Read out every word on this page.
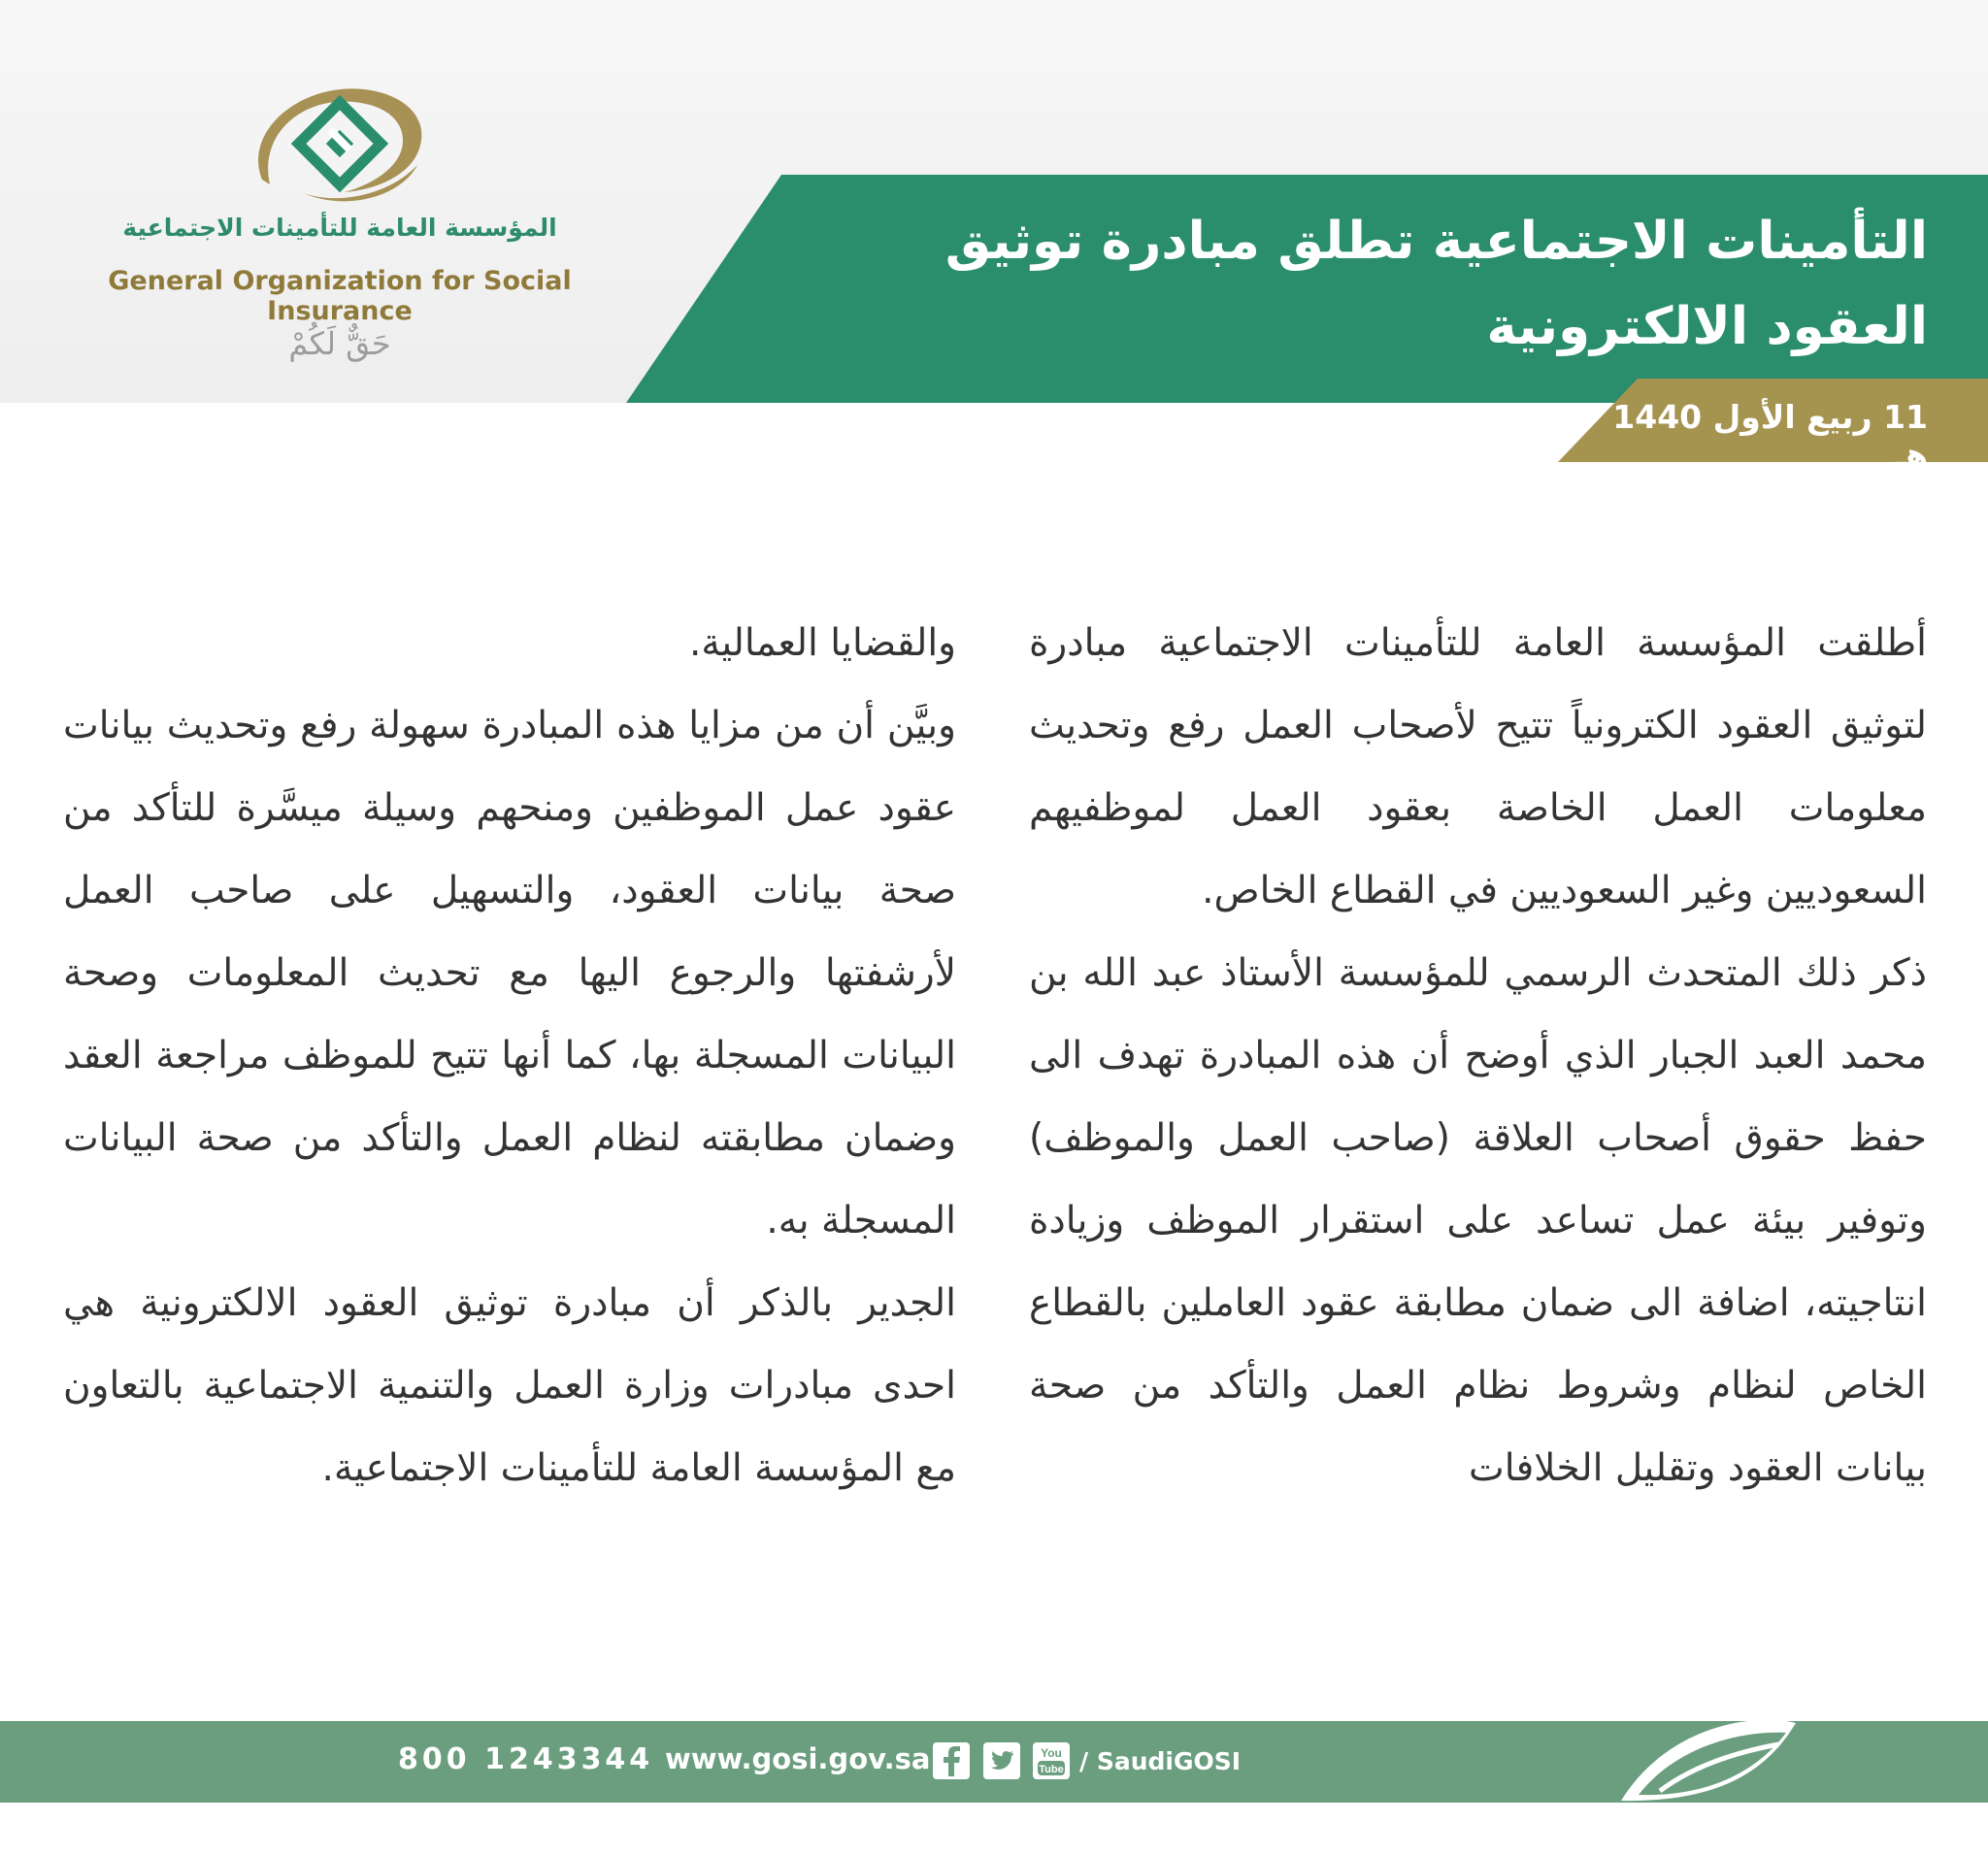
المؤسسة العامة للتأمينات الاجتماعية
General Organization for Social Insurance
حَقٌّ لَكُمْ
التأمينات الاجتماعية تطلق مبادرة توثيق العقود الالكترونية
11 ربيع الأول 1440 هـ

أطلقت المؤسسة العامة للتأمينات الاجتماعية مبادرة لتوثيق العقود الكترونياً تتيح لأصحاب العمل رفع وتحديث معلومات العمل الخاصة بعقود العمل لموظفيهم السعوديين وغير السعوديين في القطاع الخاص.

ذكر ذلك المتحدث الرسمي للمؤسسة الأستاذ عبد الله بن محمد العبد الجبار الذي أوضح أن هذه المبادرة تهدف الى حفظ حقوق أصحاب العلاقة (صاحب العمل والموظف) وتوفير بيئة عمل تساعد على استقرار الموظف وزيادة انتاجيته، اضافة الى ضمان مطابقة عقود العاملين بالقطاع الخاص لنظام وشروط نظام العمل والتأكد من صحة بيانات العقود وتقليل الخلافات

والقضايا العمالية.

وبيَّن أن من مزايا هذه المبادرة سهولة رفع وتحديث بيانات عقود عمل الموظفين ومنحهم وسيلة ميسَّرة للتأكد من صحة بيانات العقود، والتسهيل على صاحب العمل لأرشفتها والرجوع اليها مع تحديث المعلومات وصحة البيانات المسجلة بها، كما أنها تتيح للموظف مراجعة العقد وضمان مطابقته لنظام العمل والتأكد من صحة البيانات المسجلة به.

الجدير بالذكر أن مبادرة توثيق العقود الالكترونية هي احدى مبادرات وزارة العمل والتنمية الاجتماعية بالتعاون مع المؤسسة العامة للتأمينات الاجتماعية.

800 1243344 www.gosi.gov.sa	You
Tube / SaudiGOSI
